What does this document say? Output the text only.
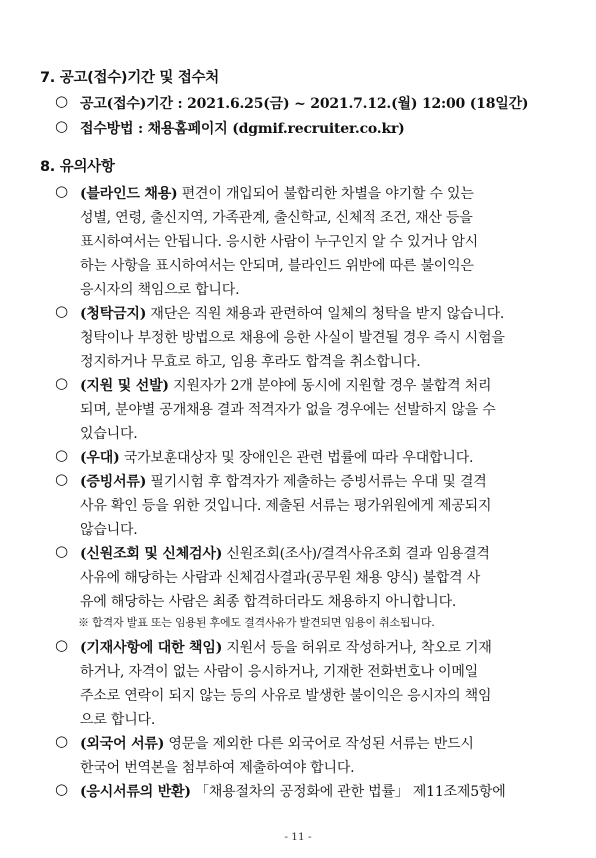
7. 공고(접수)기간 및 접수처
○ 공고(접수)기간 : 2021.6.25(금) ~ 2021.7.12.(월) 12:00 (18일간)
○ 접수방법 : 채용홈페이지 (dgmif.recruiter.co.kr)
8. 유의사항
○ (블라인드 채용) 편견이 개입되어 불합리한 차별을 야기할 수 있는
성별, 연령, 출신지역, 가족관계, 출신학교, 신체적 조건, 재산 등을
표시하여서는 안됩니다. 응시한 사람이 누구인지 알 수 있거나 암시
하는 사항을 표시하여서는 안되며, 블라인드 위반에 따른 불이익은
응시자의 책임으로 합니다.
○ (청탁금지) 재단은 직원 채용과 관련하여 일체의 청탁을 받지 않습니다.
청탁이나 부정한 방법으로 채용에 응한 사실이 발견될 경우 즉시 시험을
정지하거나 무효로 하고, 임용 후라도 합격을 취소합니다.
○ (지원 및 선발) 지원자가 2개 분야에 동시에 지원할 경우 불합격 처리
되며, 분야별 공개채용 결과 적격자가 없을 경우에는 선발하지 않을 수
있습니다.
○ (우대) 국가보훈대상자 및 장애인은 관련 법률에 따라 우대합니다.
○ (증빙서류) 필기시험 후 합격자가 제출하는 증빙서류는 우대 및 결격
사유 확인 등을 위한 것입니다. 제출된 서류는 평가위원에게 제공되지
않습니다.
○ (신원조회 및 신체검사) 신원조회(조사)/결격사유조회 결과 임용결격
사유에 해당하는 사람과 신체검사결과(공무원 채용 양식) 불합격 사
유에 해당하는 사람은 최종 합격하더라도 채용하지 아니합니다.
※ 합격자 발표 또는 임용된 후에도 결격사유가 발견되면 임용이 취소됩니다.
○ (기재사항에 대한 책임) 지원서 등을 허위로 작성하거나, 착오로 기재
하거나, 자격이 없는 사람이 응시하거나, 기재한 전화번호나 이메일
주소로 연락이 되지 않는 등의 사유로 발생한 불이익은 응시자의 책임
으로 합니다.
○ (외국어 서류) 영문을 제외한 다른 외국어로 작성된 서류는 반드시
한국어 번역본을 첨부하여 제출하여야 합니다.
○ (응시서류의 반환) 「채용절차의 공정화에 관한 법률」 제11조제5항에
- 11 -
